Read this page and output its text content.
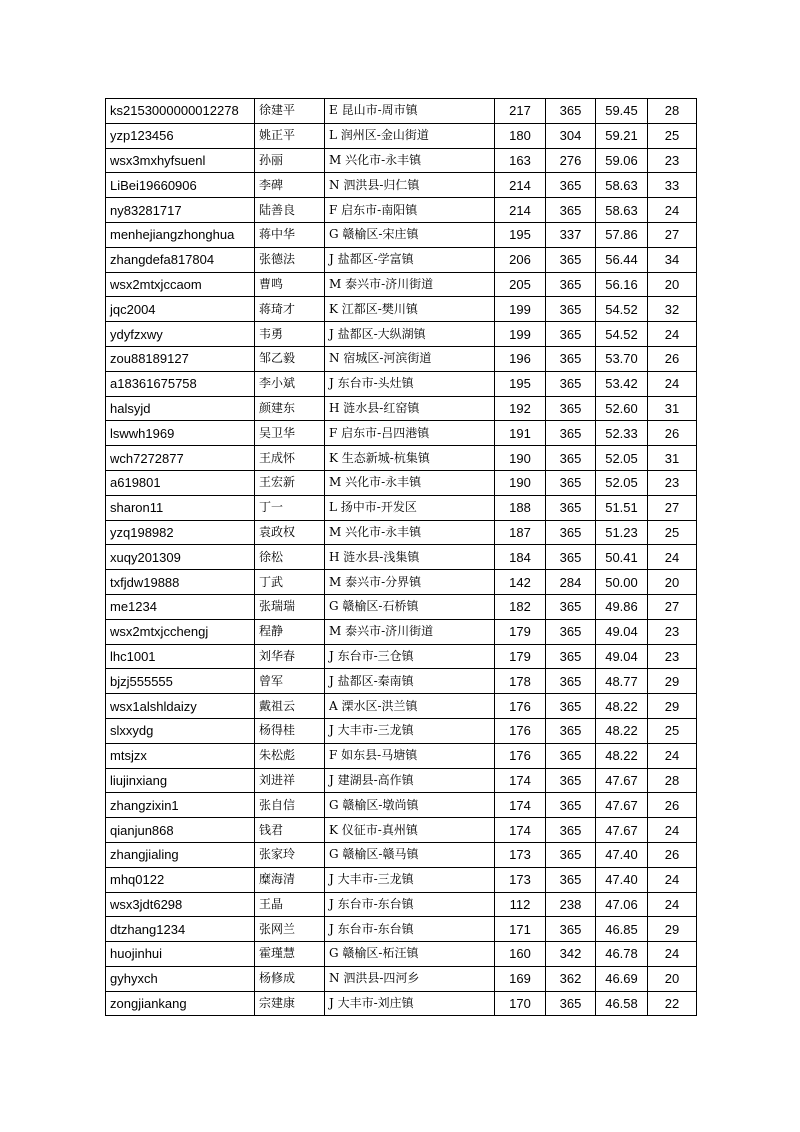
ks2153000000012278	徐建平	E 昆山市-周市镇	217	365	59.45	28
yzp123456	姚正平	L 润州区-金山街道	180	304	59.21	25
wsx3mxhyfsuenl	孙丽	M 兴化市-永丰镇	163	276	59.06	23
LiBei19660906	李碑	N 泗洪县-归仁镇	214	365	58.63	33
ny83281717	陆善良	F 启东市-南阳镇	214	365	58.63	24
menhejiangzhonghua	蒋中华	G 赣榆区-宋庄镇	195	337	57.86	27
zhangdefa817804	张德法	J 盐都区-学富镇	206	365	56.44	34
wsx2mtxjccaom	曹鸣	M 泰兴市-济川街道	205	365	56.16	20
jqc2004	蒋琦才	K 江都区-樊川镇	199	365	54.52	32
ydyfzxwy	韦勇	J 盐都区-大纵湖镇	199	365	54.52	24
zou88189127	邹乙毅	N 宿城区-河滨街道	196	365	53.70	26
a18361675758	李小斌	J 东台市-头灶镇	195	365	53.42	24
halsyjd	颜建东	H 涟水县-红窑镇	192	365	52.60	31
lswwh1969	吴卫华	F 启东市-吕四港镇	191	365	52.33	26
wch7272877	王成怀	K 生态新城-杭集镇	190	365	52.05	31
a619801	王宏新	M 兴化市-永丰镇	190	365	52.05	23
sharon11	丁一	L 扬中市-开发区	188	365	51.51	27
yzq198982	袁政权	M 兴化市-永丰镇	187	365	51.23	25
xuqy201309	徐松	H 涟水县-浅集镇	184	365	50.41	24
txfjdw19888	丁武	M 泰兴市-分界镇	142	284	50.00	20
me1234	张瑞瑞	G 赣榆区-石桥镇	182	365	49.86	27
wsx2mtxjcchengj	程静	M 泰兴市-济川街道	179	365	49.04	23
lhc1001	刘华春	J 东台市-三仓镇	179	365	49.04	23
bjzj555555	曾军	J 盐都区-秦南镇	178	365	48.77	29
wsx1alshldaizy	戴祖云	A 溧水区-洪兰镇	176	365	48.22	29
slxxydg	杨得桂	J 大丰市-三龙镇	176	365	48.22	25
mtsjzx	朱松彪	F 如东县-马塘镇	176	365	48.22	24
liujinxiang	刘进祥	J 建湖县-高作镇	174	365	47.67	28
zhangzixin1	张自信	G 赣榆区-墩尚镇	174	365	47.67	26
qianjun868	钱君	K 仪征市-真州镇	174	365	47.67	24
zhangjialing	张家玲	G 赣榆区-赣马镇	173	365	47.40	26
mhq0122	糜海清	J 大丰市-三龙镇	173	365	47.40	24
wsx3jdt6298	王晶	J 东台市-东台镇	112	238	47.06	24
dtzhang1234	张网兰	J 东台市-东台镇	171	365	46.85	29
huojinhui	霍瑾慧	G 赣榆区-柘汪镇	160	342	46.78	24
gyhyxch	杨修成	N 泗洪县-四河乡	169	362	46.69	20
zongjiankang	宗建康	J 大丰市-刘庄镇	170	365	46.58	22
